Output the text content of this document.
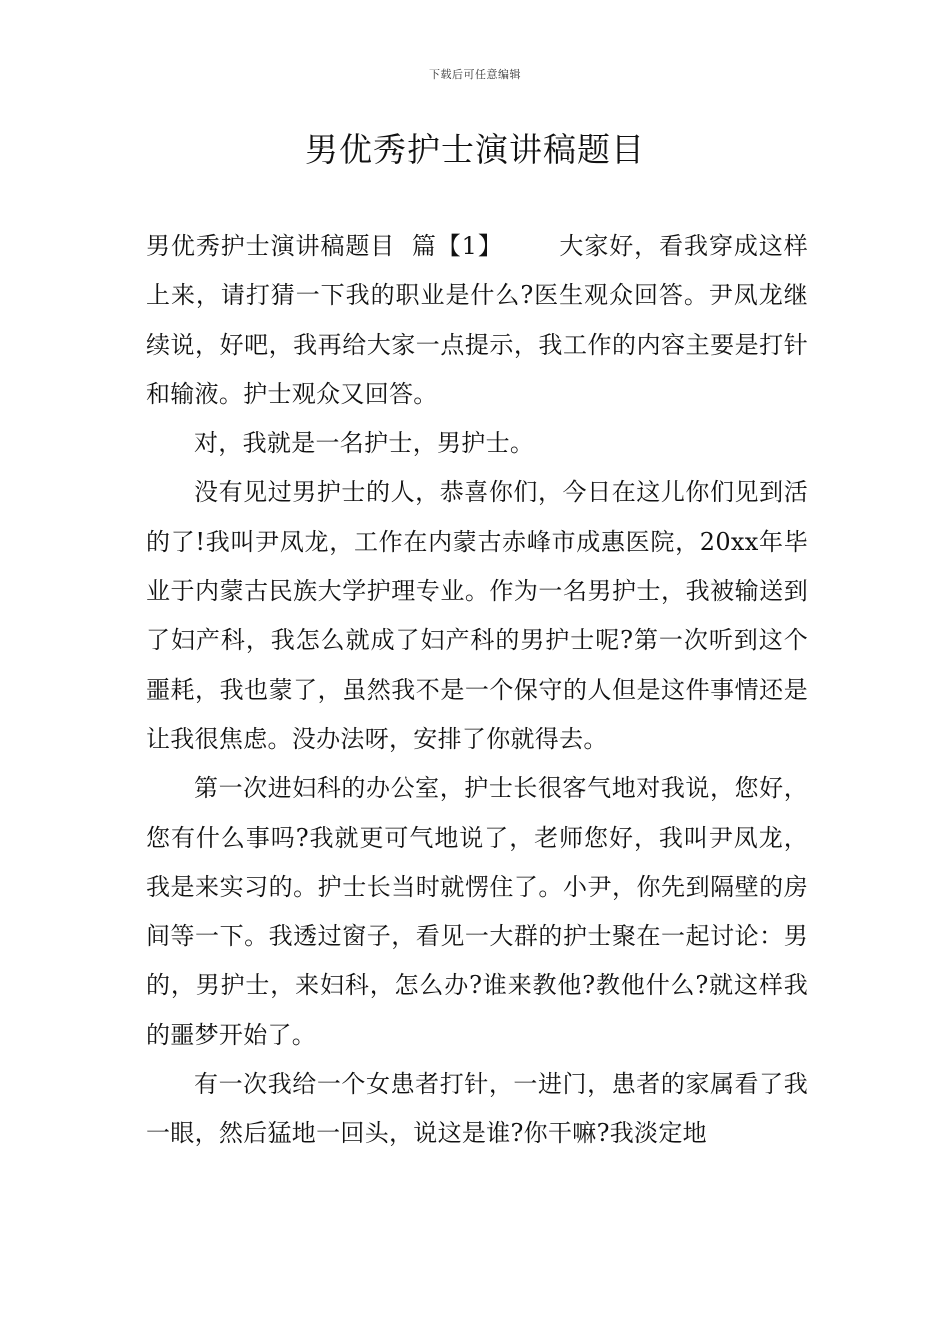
下载后可任意编辑
男优秀护士演讲稿题目

男优秀护士演讲稿题目 篇【1】 大家好，看我穿成这样上来，请打猜一下我的职业是什么?医生观众回答。尹凤龙继续说，好吧，我再给大家一点提示，我工作的内容主要是打针和输液。护士观众又回答。

对，我就是一名护士，男护士。

没有见过男护士的人，恭喜你们，今日在这儿你们见到活的了!我叫尹凤龙，工作在内蒙古赤峰市成惠医院，20xx年毕业于内蒙古民族大学护理专业。作为一名男护士，我被输送到了妇产科，我怎么就成了妇产科的男护士呢?第一次听到这个噩耗，我也蒙了，虽然我不是一个保守的人但是这件事情还是让我很焦虑。没办法呀，安排了你就得去。

第一次进妇科的办公室，护士长很客气地对我说，您好，您有什么事吗?我就更可气地说了，老师您好，我叫尹凤龙，我是来实习的。护士长当时就愣住了。小尹，你先到隔壁的房间等一下。我透过窗子，看见一大群的护士聚在一起讨论：男的，男护士，来妇科，怎么办?谁来教他?教他什么?就这样我的噩梦开始了。

有一次我给一个女患者打针，一进门，患者的家属看了我一眼，然后猛地一回头，说这是谁?你干嘛?我淡定地
